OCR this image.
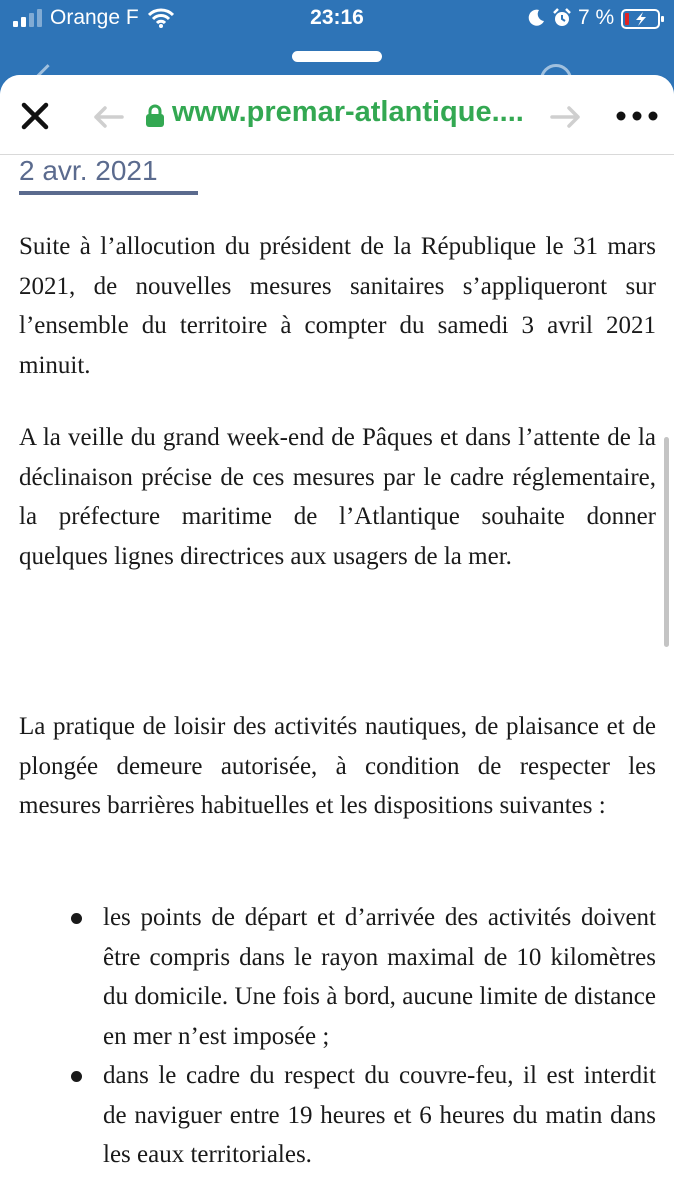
Orange F	23:16	7 %
www.premar-atlantique....
2 avr. 2021

Suite à l’allocution du président de la République le 31 mars 2021, de nouvelles mesures sanitaires s’appliqueront sur l’ensemble du territoire à compter du samedi 3 avril 2021 minuit.

A la veille du grand week-end de Pâques et dans l’attente de la déclinaison précise de ces mesures par le cadre réglementaire, la préfecture maritime de l’Atlantique souhaite donner quelques lignes directrices aux usagers de la mer.

La pratique de loisir des activités nautiques, de plaisance et de plongée demeure autorisée, à condition de respecter les mesures barrières habituelles et les dispositions suivantes :

les points de départ et d’arrivée des activités doivent être compris dans le rayon maximal de 10 kilomètres du domicile. Une fois à bord, aucune limite de distance en mer n’est imposée ;
dans le cadre du respect du couvre-feu, il est interdit de naviguer entre 19 heures et 6 heures du matin dans les eaux territoriales.
